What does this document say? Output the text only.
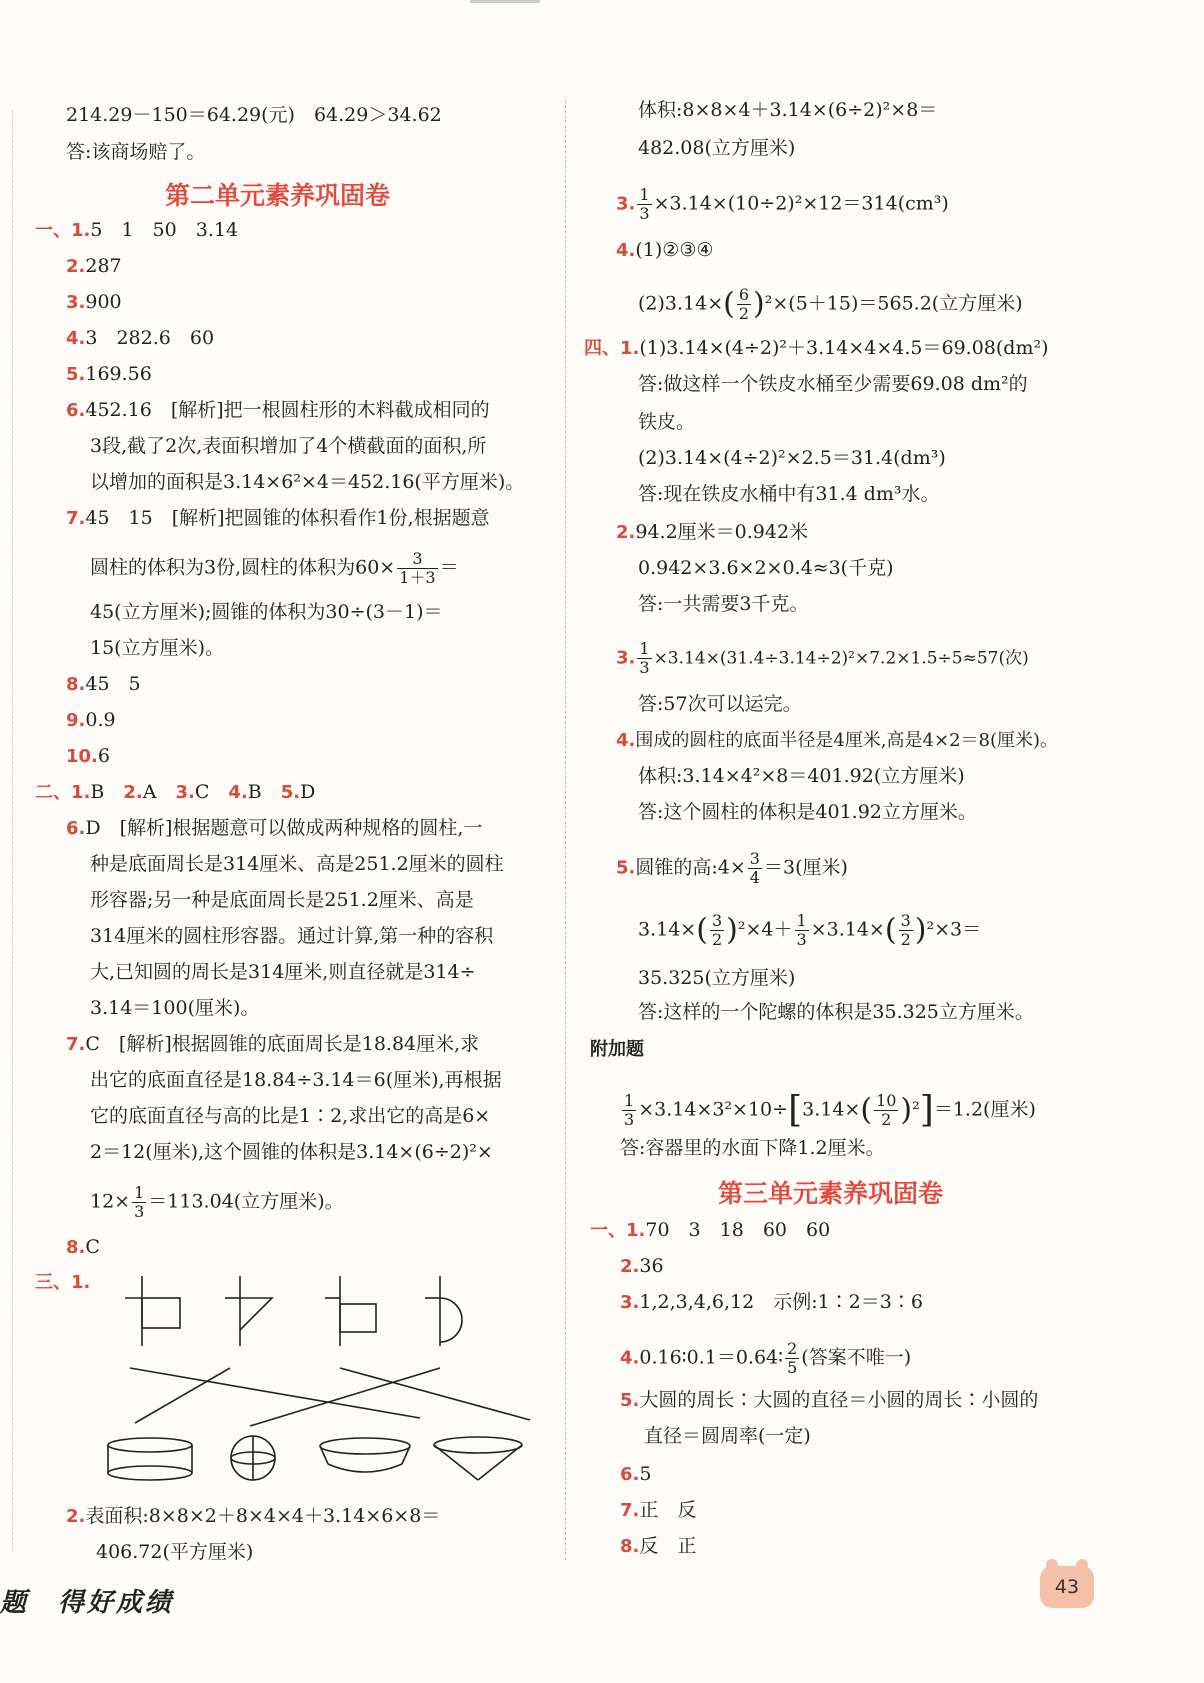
214.29－150＝64.29(元)　64.29＞34.62
答:该商场赔了。
第二单元素养巩固卷
一、1.5　1　50　3.14
2.287
3.900
4.3　282.6　60
5.169.56
6.452.16　[解析]把一根圆柱形的木料截成相同的
3段,截了2次,表面积增加了4个横截面的面积,所
以增加的面积是3.14×6²×4＝452.16(平方厘米)。
7.45　15　[解析]把圆锥的体积看作1份,根据题意
圆柱的体积为3份,圆柱的体积为$60\times \frac{3}{1+3}$ ＝
45(立方厘米);圆锥的体积为30÷(3－1)＝
15(立方厘米)。
8.45　5
9.0.9
10.6
二、1.B　 2.A　 3.C　 4.B　 5.D
6.D　[解析]根据题意可以做成两种规格的圆柱,一
种是底面周长是314厘米、高是251.2厘米的圆柱
形容器;另一种是底面周长是251.2厘米、高是
314厘米的圆柱形容器。通过计算,第一种的容积
大,已知圆的周长是314厘米,则直径就是314÷
3.14＝100(厘米)。
7.C　[解析]根据圆锥的底面周长是18.84厘米,求
出它的底面直径是18.84÷3.14＝6(厘米),再根据
它的底面直径与高的比是1∶2,求出它的高是6×
2＝12(厘米),这个圆锥的体积是3.14×(6÷2)²×
$12\times \frac{1}{3} =113.04$(立方厘米)。
8.C
三、1.
2.表面积:8×8×2＋8×4×4＋3.14×6×8＝
406.72(平方厘米)
体积:8×8×4＋3.14×(6÷2)²×8＝
482.08(立方厘米)
3. $\frac{1}{3} \times 3.14\times(10\div 2)^2\times 12=314(cm^3)$
4.(1)②③④
$(2)3.14\times( \frac{6}{2} )^2\times(5+15)=565.2$(立方厘米)
四、1.(1)3.14×(4÷2)²＋3.14×4×4.5＝69.08(dm²)
答:做这样一个铁皮水桶至少需要69.08 dm²的
铁皮。
(2)3.14×(4÷2)²×2.5＝31.4(dm³)
答:现在铁皮水桶中有31.4 dm³水。
2.94.2厘米＝0.942米
0.942×3.6×2×0.4≈3(千克)
答:一共需要3千克。
3. $\frac{1}{3} \times 3.14\times(31.4\div 3.14\div 2)^2\times 7.2\times 1.5\div 5\approx 57$(次)
答:57次可以运完。
4.围成的圆柱的底面半径是4厘米,高是4×2＝8(厘米)。
体积:3.14×4²×8＝401.92(立方厘米)
答:这个圆柱的体积是401.92立方厘米。
5.圆锥的高:4× $\frac{3}{4} =3$(厘米)
$3.14\times( \frac{3}{2} )^2\times 4+ \frac{1}{3} \times 3.14\times( \frac{3}{2} )^2\times 3=$
35.325(立方厘米)
答:这样的一个陀螺的体积是35.325立方厘米。
附加题
$\frac{1}{3} \times 3.14\times 3^2\times 10\div[3.14\times( \frac{10}{2} )^2]=1.2$(厘米)
答:容器里的水面下降1.2厘米。
第三单元素养巩固卷
一、1.70　3　18　60　60
2.36
3.1,2,3,4,6,12　示例:1∶2＝3∶6
4.0.16∶0.1＝0.64∶ $\frac{2}{5}$ (答案不唯一)
5.大圆的周长∶大圆的直径＝小圆的周长∶小圆的
直径＝圆周率(一定)
6.5
7.正　反
8.反　正
题　得好成绩
43
